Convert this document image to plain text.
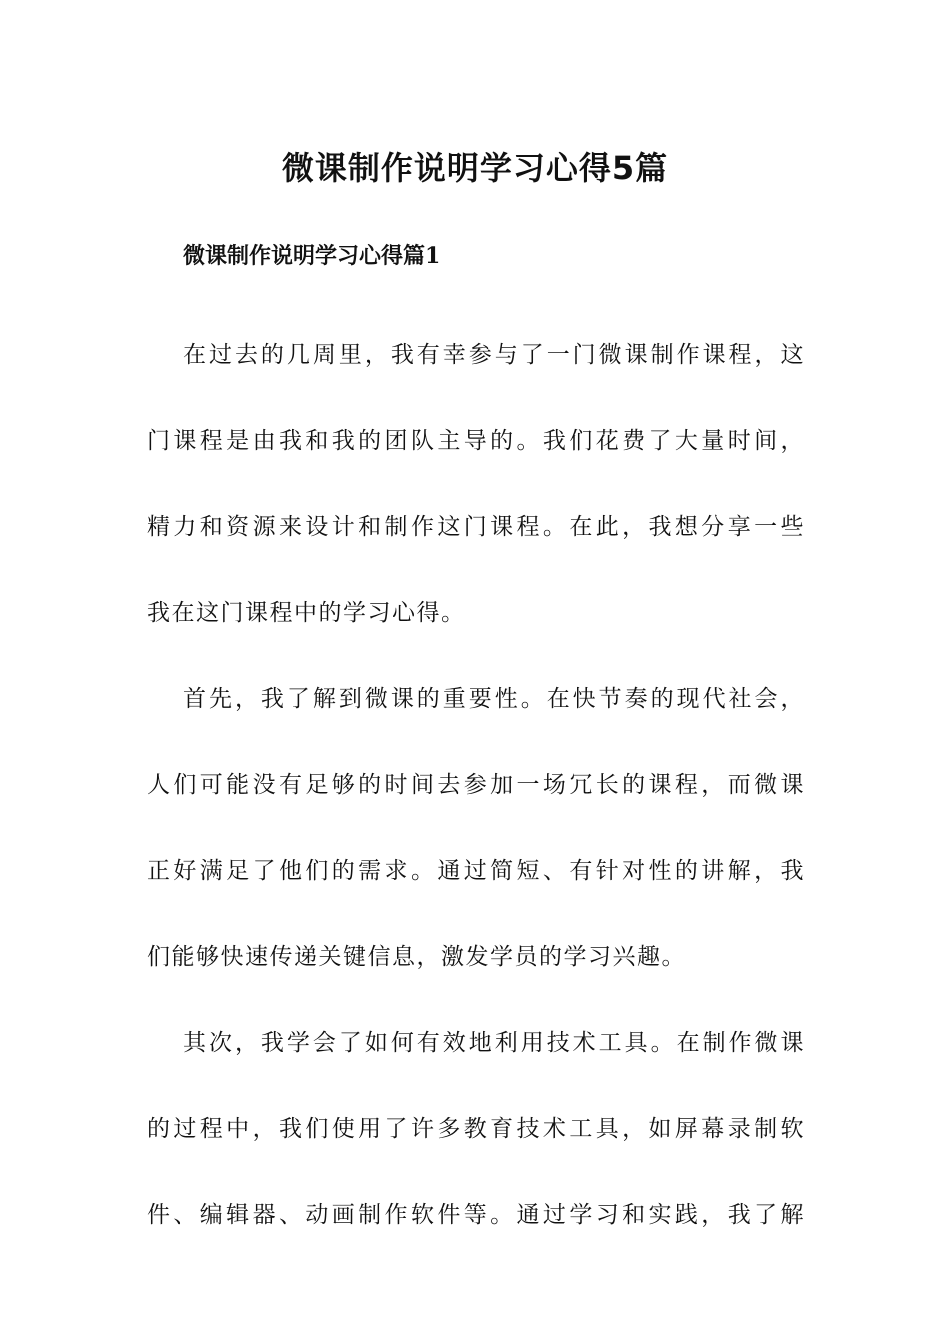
微课制作说明学习心得5篇
微课制作说明学习心得篇1
在过去的几周里，我有幸参与了一门微课制作课程，这
门课程是由我和我的团队主导的。我们花费了大量时间，
精力和资源来设计和制作这门课程。在此，我想分享一些
我在这门课程中的学习心得。
首先，我了解到微课的重要性。在快节奏的现代社会，
人们可能没有足够的时间去参加一场冗长的课程，而微课
正好满足了他们的需求。通过简短、有针对性的讲解，我
们能够快速传递关键信息，激发学员的学习兴趣。
其次，我学会了如何有效地利用技术工具。在制作微课
的过程中，我们使用了许多教育技术工具，如屏幕录制软
件、编辑器、动画制作软件等。通过学习和实践，我了解
